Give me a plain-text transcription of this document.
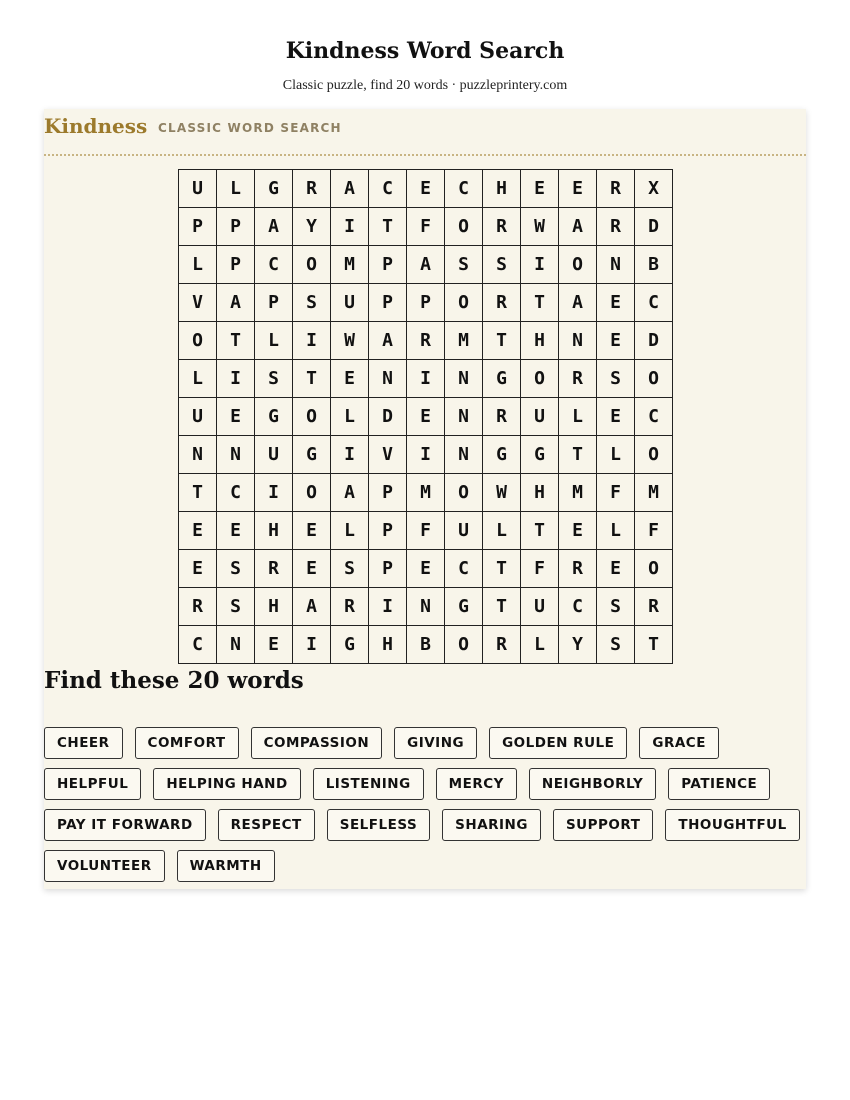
Kindness Word Search
Classic puzzle, find 20 words · puzzleprintery.com
Kindness CLASSIC WORD SEARCH
U	L	G	R	A	C	E	C	H	E	E	R	X
P	P	A	Y	I	T	F	O	R	W	A	R	D
L	P	C	O	M	P	A	S	S	I	O	N	B
V	A	P	S	U	P	P	O	R	T	A	E	C
O	T	L	I	W	A	R	M	T	H	N	E	D
L	I	S	T	E	N	I	N	G	O	R	S	O
U	E	G	O	L	D	E	N	R	U	L	E	C
N	N	U	G	I	V	I	N	G	G	T	L	O
T	C	I	O	A	P	M	O	W	H	M	F	M
E	E	H	E	L	P	F	U	L	T	E	L	F
E	S	R	E	S	P	E	C	T	F	R	E	O
R	S	H	A	R	I	N	G	T	U	C	S	R
C	N	E	I	G	H	B	O	R	L	Y	S	T
Find these 20 words
CHEER	COMFORT	COMPASSION	GIVING	GOLDEN RULE	GRACE
HELPFUL	HELPING HAND	LISTENING	MERCY	NEIGHBORLY	PATIENCE
PAY IT FORWARD	RESPECT	SELFLESS	SHARING	SUPPORT	THOUGHTFUL
VOLUNTEER	WARMTH
